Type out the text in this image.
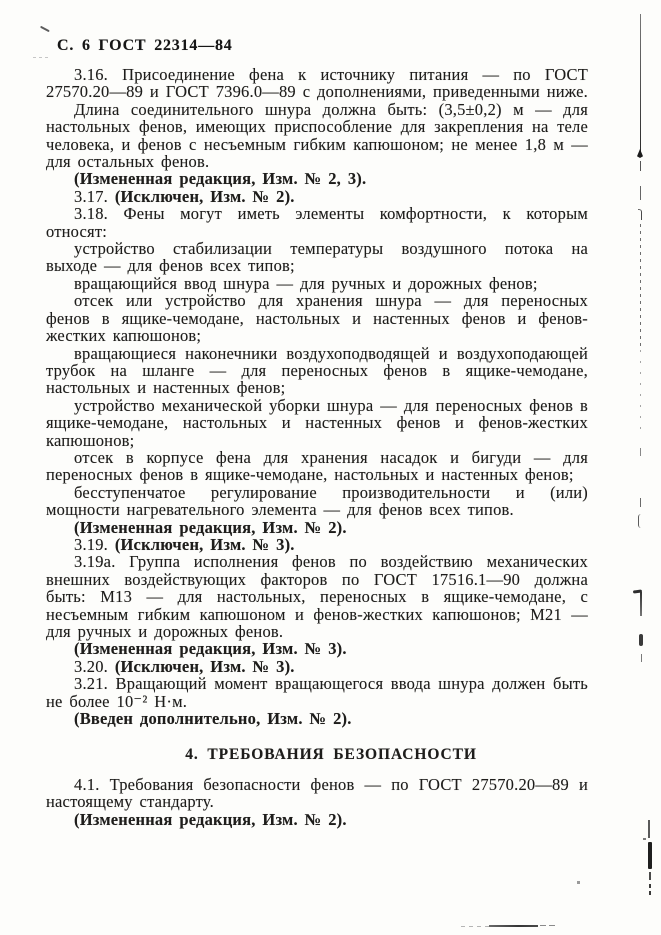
С. 6 ГОСТ 22314—84

3.16. Присоединение фена к источнику питания — по ГОСТ 27570.20—89 и ГОСТ 7396.0—89 с дополнениями, приведенными ниже.

Длина соединительного шнура должна быть: (3,5±0,2) м — для настольных фенов, имеющих приспособление для закрепления на теле человека, и фенов с несъемным гибким капюшоном; не менее 1,8 м — для остальных фенов.

(Измененная редакция, Изм. № 2, 3).

3.17. (Исключен, Изм. № 2).

3.18. Фены могут иметь элементы комфортности, к которым относят:

устройство стабилизации температуры воздушного потока на выходе — для фенов всех типов;

вращающийся ввод шнура — для ручных и дорожных фенов;

отсек или устройство для хранения шнура — для переносных фенов в ящике-чемодане, настольных и настенных фенов и фенов-жестких капюшонов;

вращающиеся наконечники воздухоподводящей и воздухоподающей трубок на шланге — для переносных фенов в ящике-чемодане, настольных и настенных фенов;

устройство механической уборки шнура — для переносных фенов в ящике-чемодане, настольных и настенных фенов и фенов-жестких капюшонов;

отсек в корпусе фена для хранения насадок и бигуди — для переносных фенов в ящике-чемодане, настольных и настенных фенов;

бесступенчатое регулирование производительности и (или) мощности нагревательного элемента — для фенов всех типов.

(Измененная редакция, Изм. № 2).

3.19. (Исключен, Изм. № 3).

3.19а. Группа исполнения фенов по воздействию механических внешних воздействующих факторов по ГОСТ 17516.1—90 должна быть: М13 — для настольных, переносных в ящике-чемодане, с несъемным гибким капюшоном и фенов-жестких капюшонов; М21 — для ручных и дорожных фенов.

(Измененная редакция, Изм. № 3).

3.20. (Исключен, Изм. № 3).

3.21. Вращающий момент вращающегося ввода шнура должен быть не более 10⁻² Н·м.

(Введен дополнительно, Изм. № 2).

4. ТРЕБОВАНИЯ БЕЗОПАСНОСТИ

4.1. Требования безопасности фенов — по ГОСТ 27570.20—89 и настоящему стандарту.

(Измененная редакция, Изм. № 2).
